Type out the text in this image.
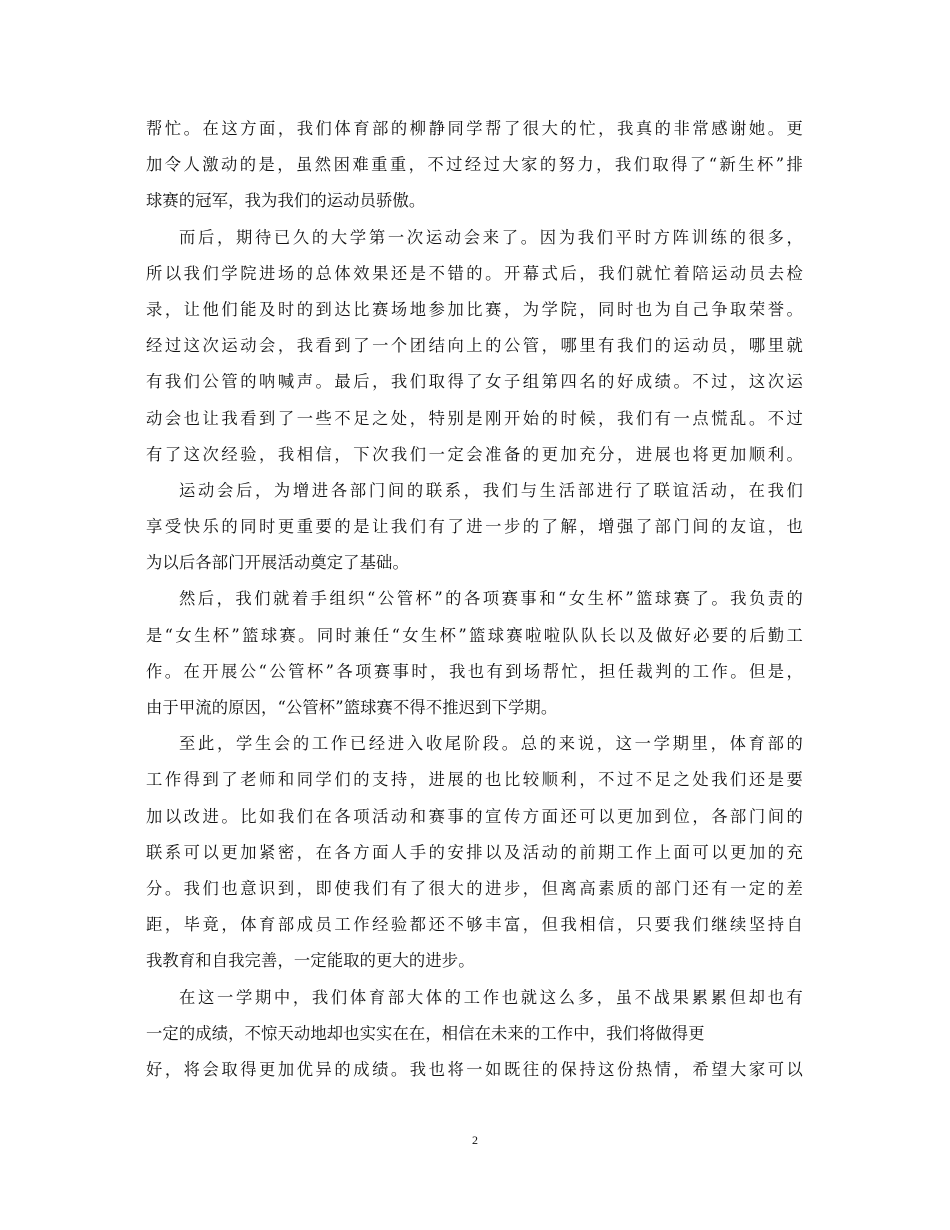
帮忙。在这方面，我们体育部的柳静同学帮了很大的忙，我真的非常感谢她。更
加令人激动的是，虽然困难重重，不过经过大家的努力，我们取得了“新生杯”排
球赛的冠军，我为我们的运动员骄傲。
而后，期待已久的大学第一次运动会来了。因为我们平时方阵训练的很多，
所以我们学院进场的总体效果还是不错的。开幕式后，我们就忙着陪运动员去检
录，让他们能及时的到达比赛场地参加比赛，为学院，同时也为自己争取荣誉。
经过这次运动会，我看到了一个团结向上的公管，哪里有我们的运动员，哪里就
有我们公管的呐喊声。最后，我们取得了女子组第四名的好成绩。不过，这次运
动会也让我看到了一些不足之处，特别是刚开始的时候，我们有一点慌乱。不过
有了这次经验，我相信，下次我们一定会准备的更加充分，进展也将更加顺利。
运动会后，为增进各部门间的联系，我们与生活部进行了联谊活动，在我们
享受快乐的同时更重要的是让我们有了进一步的了解，增强了部门间的友谊，也
为以后各部门开展活动奠定了基础。
然后，我们就着手组织“公管杯”的各项赛事和“女生杯”篮球赛了。我负责的
是“女生杯”篮球赛。同时兼任“女生杯”篮球赛啦啦队队长以及做好必要的后勤工
作。在开展公“公管杯”各项赛事时，我也有到场帮忙，担任裁判的工作。但是，
由于甲流的原因，“公管杯”篮球赛不得不推迟到下学期。
至此，学生会的工作已经进入收尾阶段。总的来说，这一学期里，体育部的
工作得到了老师和同学们的支持，进展的也比较顺利，不过不足之处我们还是要
加以改进。比如我们在各项活动和赛事的宣传方面还可以更加到位，各部门间的
联系可以更加紧密，在各方面人手的安排以及活动的前期工作上面可以更加的充
分。我们也意识到，即使我们有了很大的进步，但离高素质的部门还有一定的差
距，毕竟，体育部成员工作经验都还不够丰富，但我相信，只要我们继续坚持自
我教育和自我完善，一定能取的更大的进步。
在这一学期中，我们体育部大体的工作也就这么多，虽不战果累累但却也有
一定的成绩，不惊天动地却也实实在在，相信在未来的工作中，我们将做得更
好，将会取得更加优异的成绩。我也将一如既往的保持这份热情，希望大家可以
2
